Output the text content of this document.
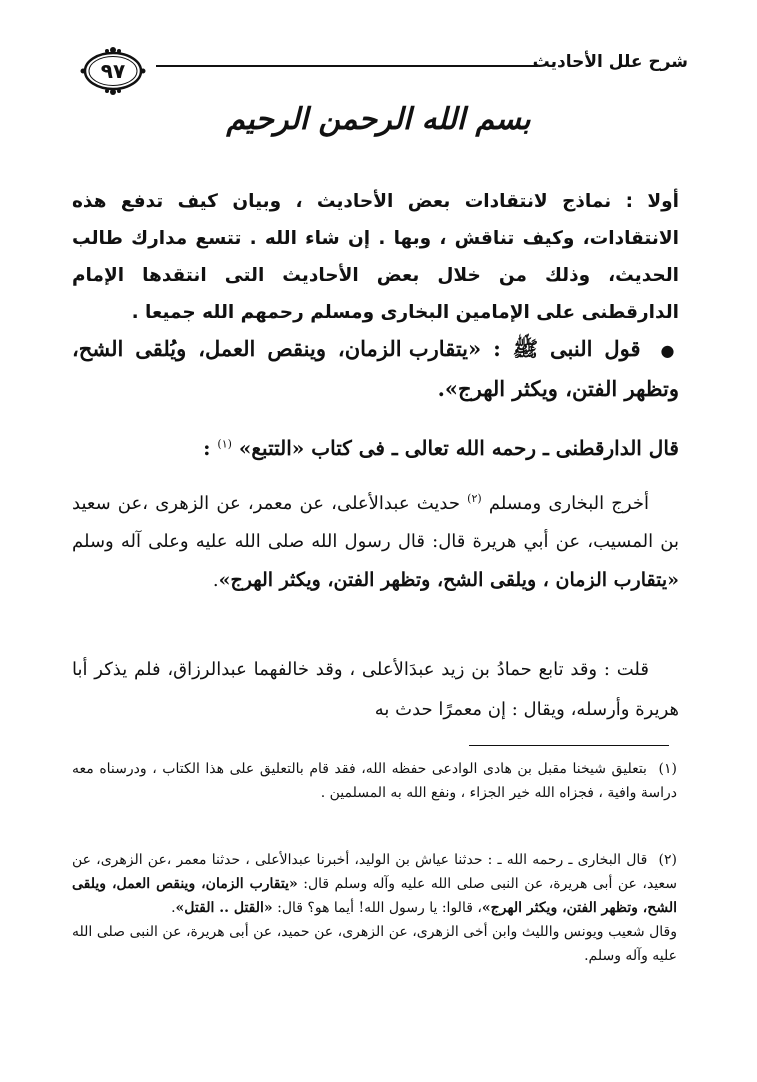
شرح علل الأحاديث
٩٧
بسم الله الرحمن الرحيم
أولا : نماذج لانتقادات بعض الأحاديث ، وبيان كيف تدفع هذه الانتقادات، وكيف تناقش ، وبها . إن شاء الله . تتسع مدارك طالب الحديث، وذلك من خلال بعض الأحاديث التى انتقدها الإمام الدارقطنى على الإمامين البخارى ومسلم رحمهم الله جميعا .
● قول النبى ﷺ : «يتقارب الزمان، وينقص العمل، ويُلقى الشح، وتظهر الفتن، ويكثر الهرج».
قال الدارقطنى ـ رحمه الله تعالى ـ فى كتاب «التتبع» $^{(١)}$ :

أخرج البخارى ومسلم $^{(٢)}$ حديث عبدالأعلى، عن معمر، عن الزهرى ،عن سعيد بن المسيب، عن أبي هريرة قال: قال رسول الله صلى الله عليه وعلى آله وسلم «يتقارب الزمان ، ويلقى الشح، وتظهر الفتن، ويكثر الهرج».

قلت : وقد تابع حمادُ بن زيد عبدَالأعلى ، وقد خالفهما عبدالرزاق، فلم يذكر أبا هريرة وأرسله، ويقال : إن معمرًا حدث به
(١) بتعليق شيخنا مقبل بن هادى الوادعى حفظه الله، فقد قام بالتعليق على هذا الكتاب ، ودرسناه معه دراسة وافية ، فجزاه الله خير الجزاء ، ونفع الله به المسلمين .
(٢) قال البخارى ـ رحمه الله ـ : حدثنا عياش بن الوليد، أخبرنا عبدالأعلى ، حدثنا معمر ،عن الزهرى، عن سعيد، عن أبى هريرة، عن النبى صلى الله عليه وآله وسلم قال: «يتقارب الزمان، وينقص العمل، ويلقى الشح، وتظهر الفتن، ويكثر الهرج»، قالوا: يا رسول الله! أيما هو؟ قال: «القتل .. القتل».
وقال شعيب ويونس والليث وابن أخى الزهرى، عن الزهرى، عن حميد، عن أبى هريرة، عن النبى صلى الله عليه وآله وسلم.
